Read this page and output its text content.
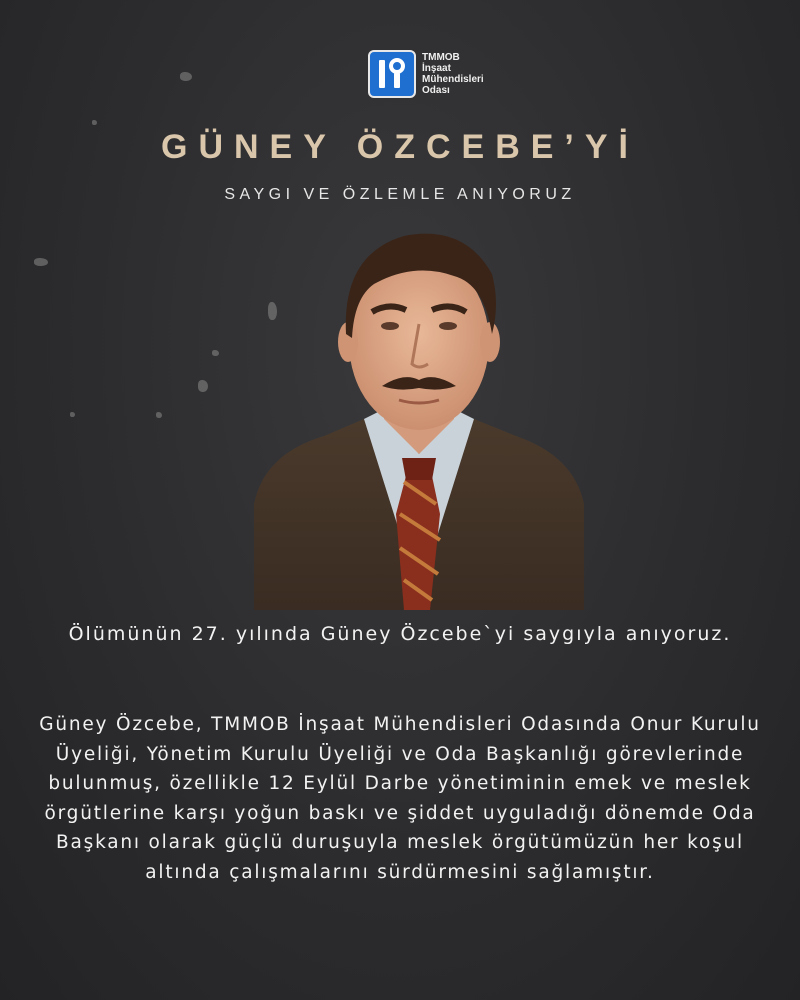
TMMOB
İnşaat
Mühendisleri
Odası
GÜNEY ÖZCEBE’Yİ
SAYGI VE ÖZLEMLE ANIYORUZ
Ölümünün 27. yılında Güney Özcebe`yi saygıyla anıyoruz.
Güney Özcebe, TMMOB İnşaat Mühendisleri Odasında Onur Kurulu Üyeliği, Yönetim Kurulu Üyeliği ve Oda Başkanlığı görevlerinde bulunmuş, özellikle 12 Eylül Darbe yönetiminin emek ve meslek örgütlerine karşı yoğun baskı ve şiddet uyguladığı dönemde Oda Başkanı olarak güçlü duruşuyla meslek örgütümüzün her koşul altında çalışmalarını sürdürmesini sağlamıştır.
